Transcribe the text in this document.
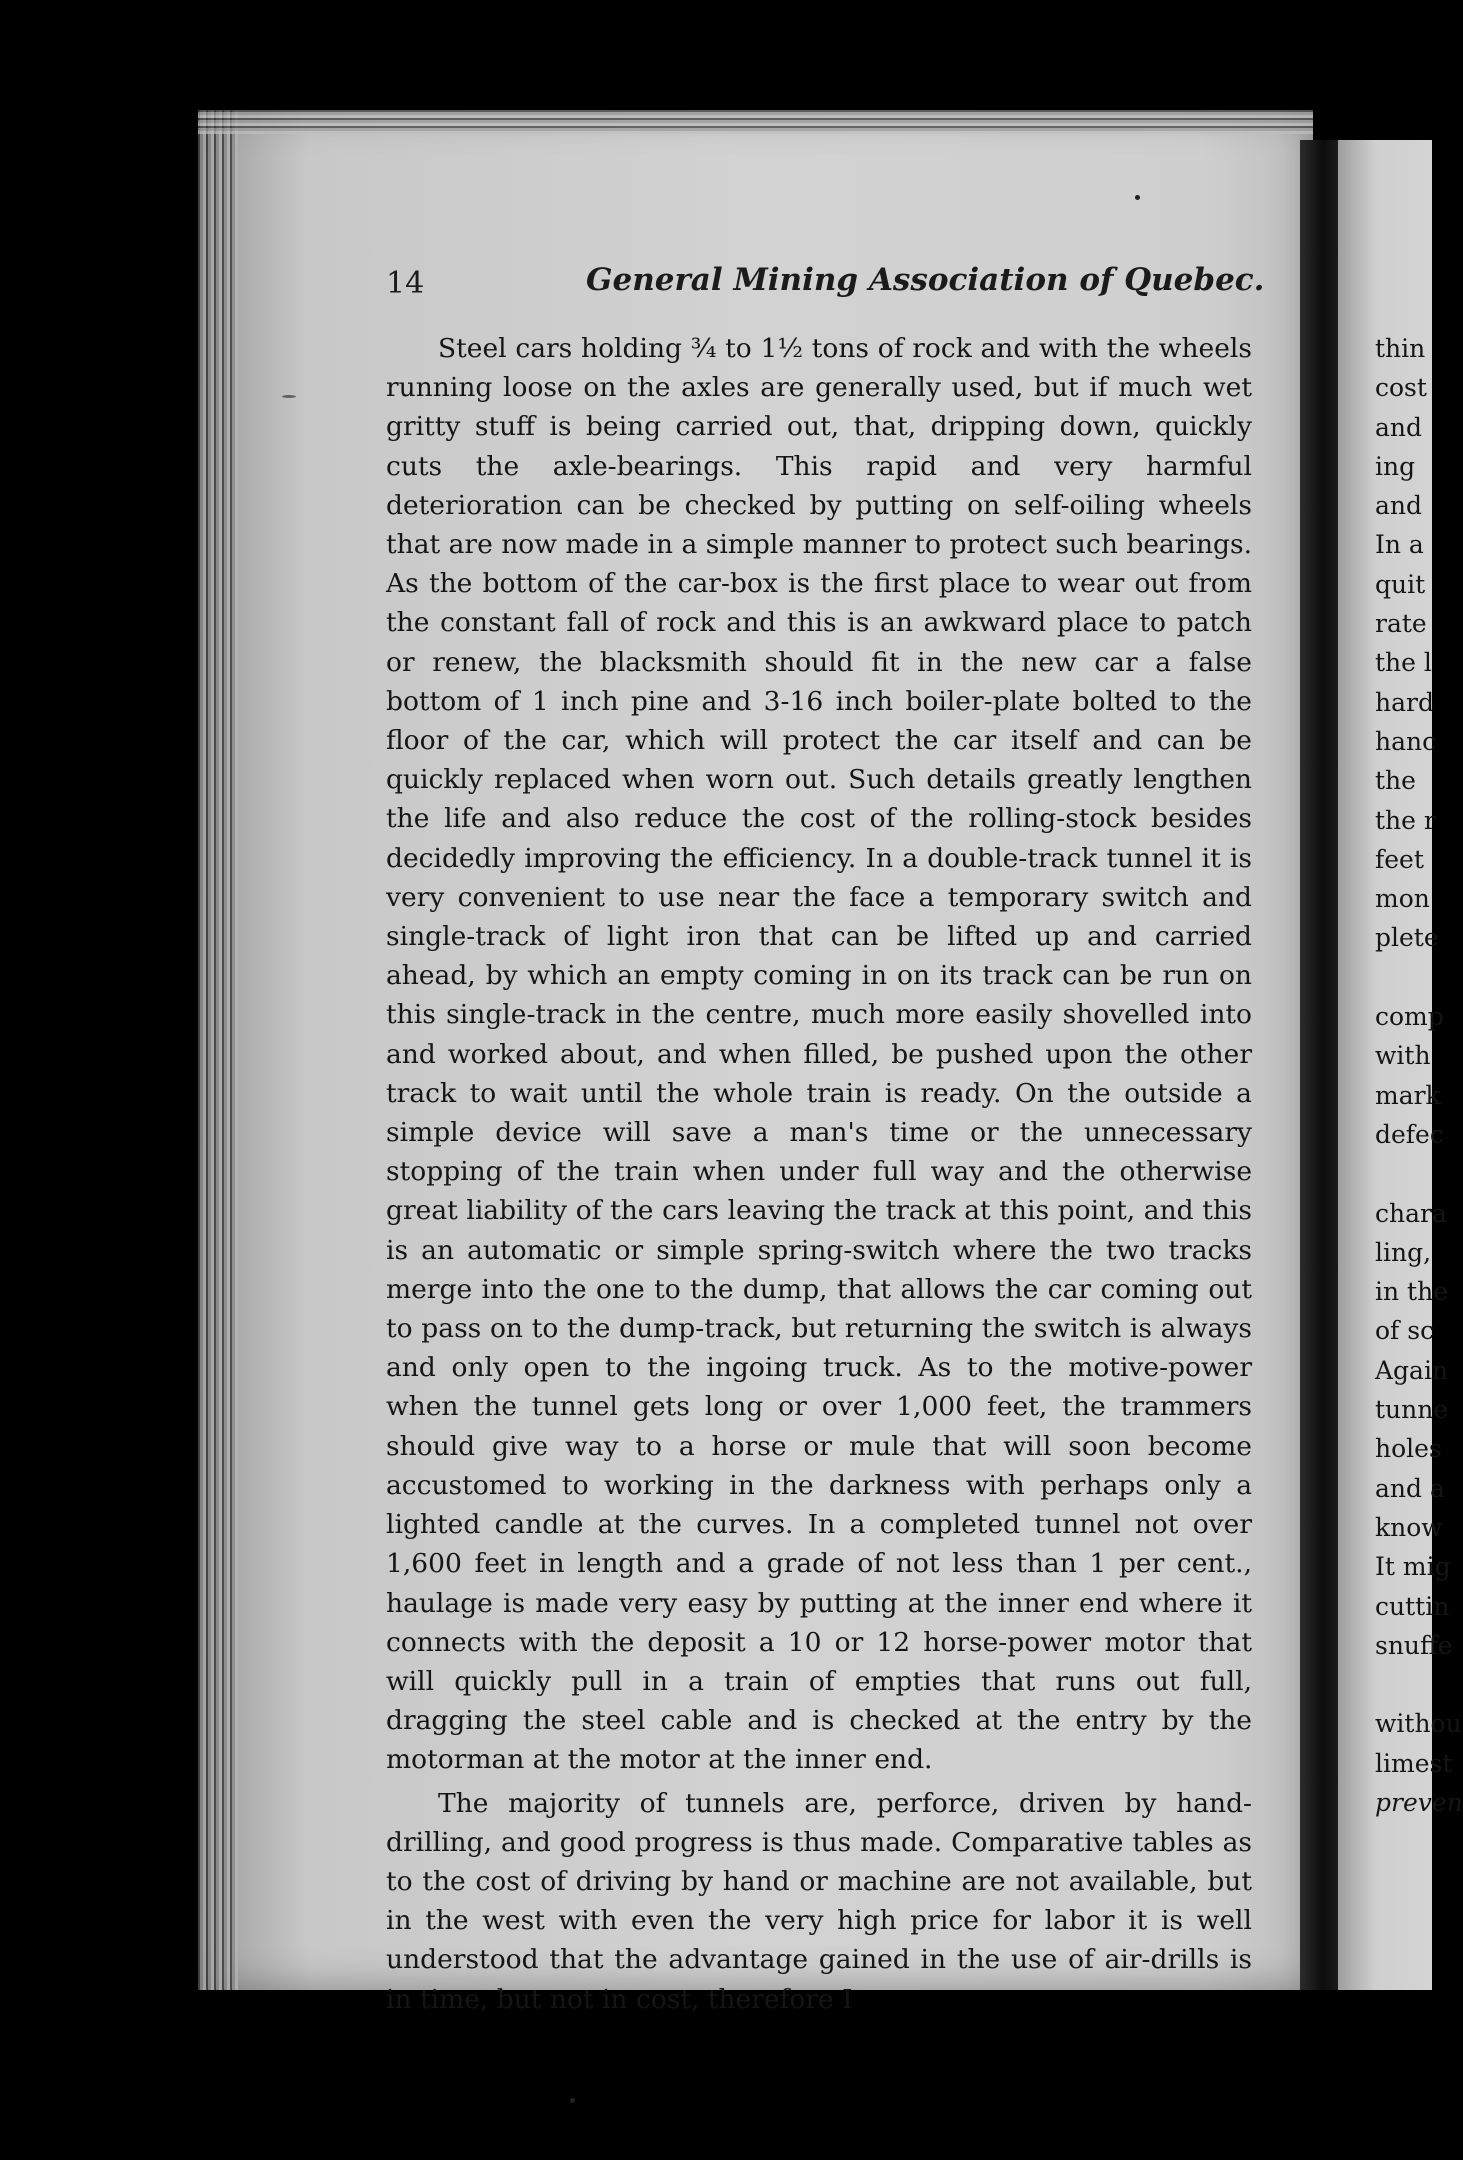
14	General Mining Association of Quebec.

Steel cars holding ¾ to 1½ tons of rock and with the wheels running loose on the axles are generally used, but if much wet gritty stuff is being carried out, that, dripping down, quickly cuts the axle-bearings. This rapid and very harmful deterioration can be checked by putting on self-oiling wheels that are now made in a simple manner to protect such bearings. As the bottom of the car-box is the first place to wear out from the constant fall of rock and this is an awkward place to patch or renew, the blacksmith should fit in the new car a false bottom of 1 inch pine and 3-16 inch boiler-plate bolted to the floor of the car, which will protect the car itself and can be quickly replaced when worn out. Such details greatly lengthen the life and also reduce the cost of the rolling-stock besides decidedly improving the efficiency. In a double-track tunnel it is very convenient to use near the face a temporary switch and single-track of light iron that can be lifted up and carried ahead, by which an empty coming in on its track can be run on this single-track in the centre, much more easily shovelled into and worked about, and when filled, be pushed upon the other track to wait until the whole train is ready. On the outside a simple device will save a man's time or the unnecessary stopping of the train when under full way and the otherwise great liability of the cars leaving the track at this point, and this is an automatic or simple spring-switch where the two tracks merge into the one to the dump, that allows the car coming out to pass on to the dump-track, but returning the switch is always and only open to the ingoing truck. As to the motive-power when the tunnel gets long or over 1,000 feet, the trammers should give way to a horse or mule that will soon become accustomed to working in the darkness with perhaps only a lighted candle at the curves. In a completed tunnel not over 1,600 feet in length and a grade of not less than 1 per cent., haulage is made very easy by putting at the inner end where it connects with the deposit a 10 or 12 horse-power motor that will quickly pull in a train of empties that runs out full, dragging the steel cable and is checked at the entry by the motorman at the motor at the inner end.

The majority of tunnels are, perforce, driven by hand-drilling, and good progress is thus made. Comparative tables as to the cost of driving by hand or machine are not available, but in the west with even the very high price for labor it is well understood that the advantage gained in the use of air-drills is in time, but not in cost, therefore I

thin
cost
and
ing
and
In a
quit
rate
the l
hard
hanc
the
the r
feet
mon
plete
comp
with
mark
defec
chara
ling,
in the
of sc
Again
tunne
holes
and a
know
It mig
cuttin
snuffe
withou
limest
preven
